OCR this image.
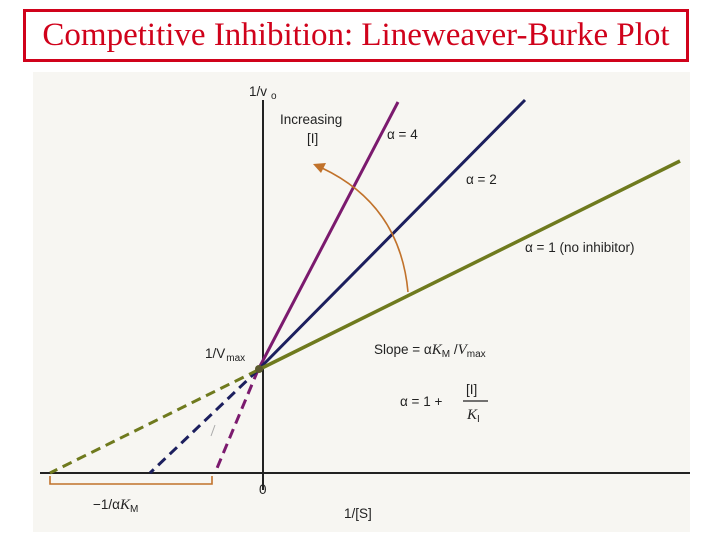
Competitive Inhibition: Lineweaver-Burke Plot
1/v $_o$
Increasing
[I]	α = 4
α = 2
α = 1 (no inhibitor)
$1/V_{max}$
Slope = $\alpha K_M$ $/V_{max}$
α = 1 +
[I]
$K_I$
0
$-1/\alpha K_M$	1/[S]
